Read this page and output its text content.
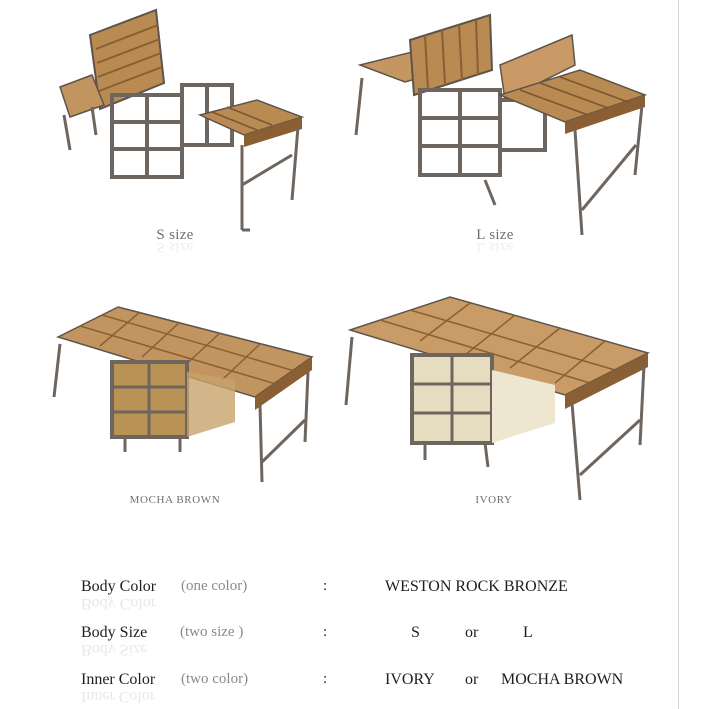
S size
S size
L size
L size
MOCHA BROWN	IVORY
Body Color (one color)	:	WESTON ROCK BRONZE
Body Color
Body Size (two size )	:	S	or	L
Body Size
Inner Color (two color)	:	IVORY or MOCHA BROWN
Inner Color
